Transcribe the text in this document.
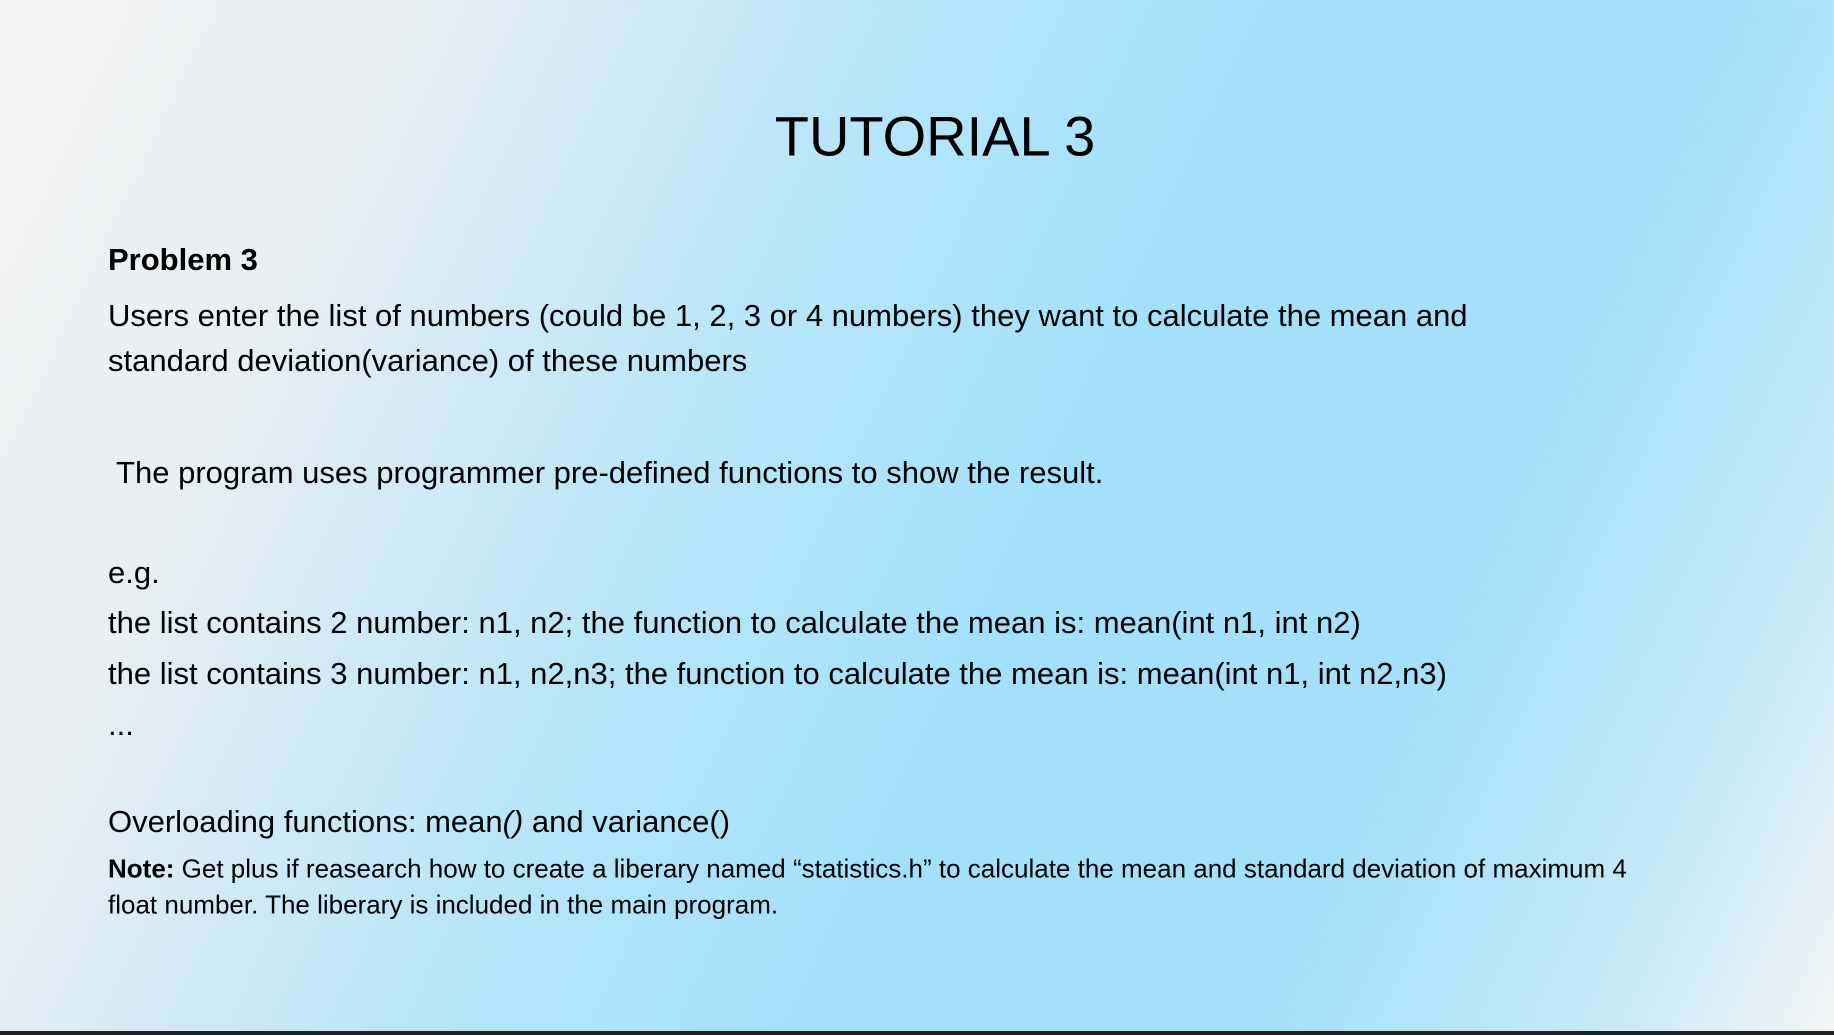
TUTORIAL 3
Problem 3
Users enter the list of numbers (could be 1, 2, 3 or 4 numbers) they want to calculate the mean and
standard deviation(variance) of these numbers
The program uses programmer pre-defined functions to show the result.
e.g.
the list contains 2 number: n1, n2; the function to calculate the mean is: mean(int n1, int n2)
the list contains 3 number: n1, n2,n3; the function to calculate the mean is: mean(int n1, int n2,n3)
...
Overloading functions: mean() and variance()
Note: Get plus if reasearch how to create a liberary named “statistics.h” to calculate the mean and standard deviation of maximum 4
float number. The liberary is included in the main program.
